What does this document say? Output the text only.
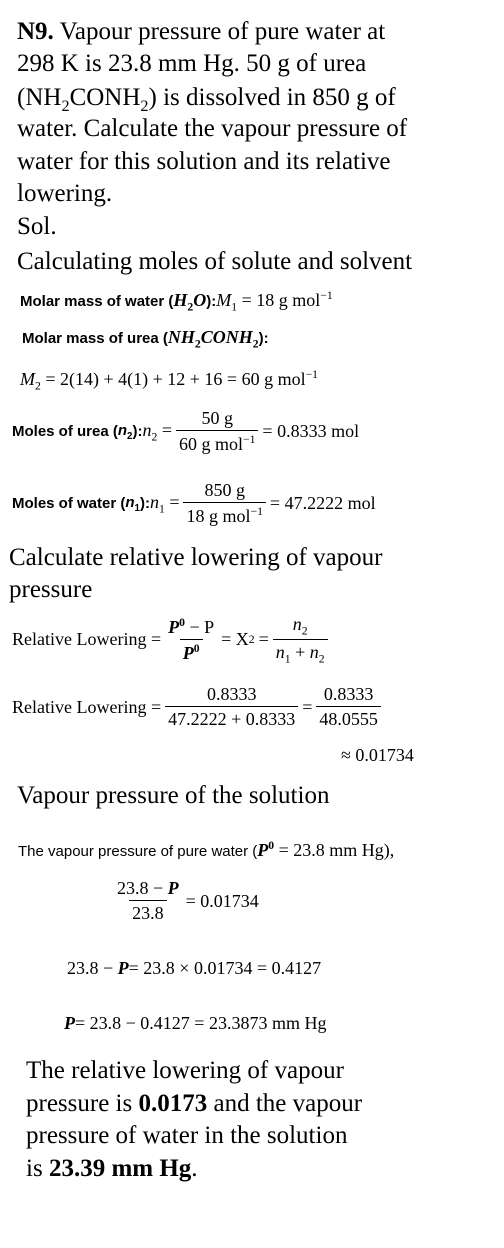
N9. Vapour pressure of pure water at
298 K is 23.8 mm Hg. 50 g of urea
$(NH_2CONH_2)$ is dissolved in 850 g of
water. Calculate the vapour pressure of
water for this solution and its relative
lowering.
Sol.
Calculating moles of solute and solvent
Molar mass of water ( $H_2O$ ): $M_1 = 18$ g mol$^{-1}$
Molar mass of urea ( $NH_2CONH_2$ ):
$M_2 = 2(14) + 4(1) + 12 + 16 = 60$ g mol$^{-1}$
Moles of urea ( $n_2$ ): $n_2 = \frac{50 g}{60 g mol^{-1}} = 0.8333$ mol
Moles of water ( $n_1$ ): $n_1 = \frac{850 g}{18 g mol^{-1}} = 47.2222$ mol
Calculate relative lowering of vapour
pressure
Relative Lowering = $\frac{P^0 - P}{P^0} = X$ $2 = \frac{n_2}{n_1 + n_2}$
Relative Lowering = $\frac{0.8333}{47.2222 + 0.8333} = \frac{0.8333}{48.0555}$
≈ 0.01734
Vapour pressure of the solution
The vapour pressure of pure water ($P^0 = 23.8$ mm Hg),
$\frac{23.8 - P}{23.8} = 0.01734$
23.8 − P= 23.8 × 0.01734 = 0.4127
P= 23.8 − 0.4127 = 23.3873 mm Hg
The relative lowering of vapour
pressure is 0.0173 and the vapour
pressure of water in the solution
is 23.39 mm Hg.
